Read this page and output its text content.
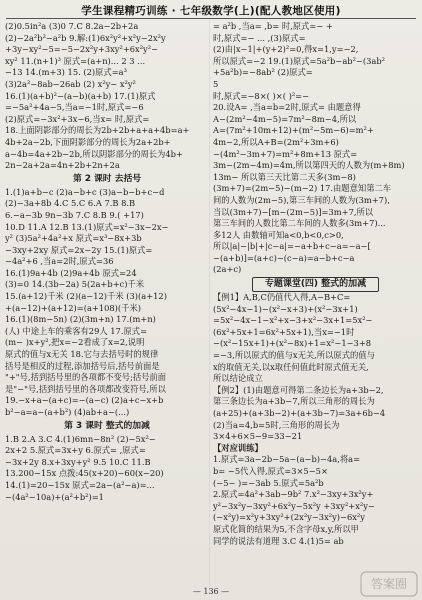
学生课程精巧训练 · 七年级数学(上)(配人教地区使用)
(2)0.5in²a (3)0 7.C 8.2a−2b+2a
(2)−2a²b²−a²b 9.解:(1)6x²y²+x²y−2x²y
+3y−xy²−5=−5−2x²y+3xy²+6x²y²−
xy² 11.(n+1)³ 原式=(a+n)... 2 3 ...
−13 14.(m+3) 15. (2)原式=a³
(3)2a²−8ab−26ab (2) x²y− x²y²
16.(1)(a+b)²−(a−b)(a+b) 17.(1)原式
=−5a²+4a−5,当a=−1时,原式=−6
(2)原式=−3x²+3x−6,当x= 时,原式=
18.上面阴影部分的周长为2b+2b+a+a+4b=a+
4b+2a−2b,下面阴影部分的周长为2a+2b+
a−4b=4a+2b−2b,所以阴影部分的周长为4b+
2n−2a+2a=4n+2b+2n+2a
第 2 课时 去括号
1.(1)a+b−c (2)a−b+c (3)a−b−b+c−d
(2)−3a+8b 4.C 5.C 6.A 7.B 8.B
6.−a−3b 9n−3b 7.C 8.B 9.( +17)
10.D 11.A 12.B 13.(1)原式=x²−3x−2x−
y² (3)5a²+4a²+x 原式=x³−8x+3b
−3xy+2xy 原式=2x−2y 15.(1)原式=
−4a²+6 ,当a=2时,原式=36
16.(1)9a+4b (2)9a+4b 原式=24
(3)=0 14.(3b−2a) 5(2a+b+c)千米
15.(a+12)千米 (2)(a−12)千米 (3)(a+12)
+(a−12)+(a+12)=(a+108)(千米)
16.(1)(8m−5n) (2)(3m+n) 17.(m+n)
(人) 中途上车的乘客有29人 17.原式=
(m− )x+y²,把x=−2看成了x=2,说明
原式的值与x无关 18.它与去括号时的规律
括号是相反的过程,添加括号后,括号前面是
"+"号,括到括号里的各项都不变号;括号前面
是"−"号,括到括号里的各项都改变符号,所以
19.−x+a−(a+c)=−(a−c) (2)a+c−x+b
b²−a=a−(a+b²) (4)ab+a−(...)
第 3 课时 整式的加减
1.B 2.A 3.C 4.(1)6mn−8n² (2)−5x²−
2x+2 5.原式=3x+y 6.原式= ,原式=
−3x+2y 8.x+3xy+y² 9.5 10.C 11.B
13.200−15x 点拨:45(x+20)−60(x−20)
14.(1)=20−15x 原式=2a−(a²−a)=...
−(4a²−10a)+(a²+b²)=1
= a²b ,当a= ,b= 时,原式=− +
时,原式=− ... ,(3)原式=
(2)由|x−1|+(y+2)²=0,得x=1,y=−2,
所以原式=−2 19.(1)原式=5a²b−ab²−(3ab²
+5a²b)=−8ab² (2)原式=
5
时,原式=−8×( )×( )²=−
20.设A= ,当a=b=2时,原式= 由题意得
A−(2m²−4m−5)=7m²−8m−4,所以
A=(7m²+10m+12)+(m²−5m−6)=m²+
4m−2,所以A+B=(2m²+3m+6)
−(4m²−3m+7)=m²+8m+13 原式=
3m−(2m−4m)=4m,所以第四天的人数为(m+8m)
13m− 所以第三天比第二天多(3m−8)
(3m+7)=(2m−5)−(m−2) 17.由题意知第二车
间的人数为(2m−5),第三车间的人数为(3m+7),
当以(3m+7)−[m−(2m−5)]=3m+7,所以
第三车间的人数比第二车间的人数多(3m+7)...
多12人 由数轴可知a<0,b<0,c>0,
所以|a|−|b|+|c−a|=−a+b+c−a=−a−[
−(a+b)]=(a+c)−(c−a)=a−b+c−a
(2a+c)
专题课堂(四) 整式的加减
【例1】A,B,C仍值代入得,A−B+C=
(5x²−4x−1)−(x²−x+3)+(x²−3x+1)
=5x²−4x−1−x²+x−3+x²−3x+1=5x²−
(6x²+5x+1=6x²+5x+1),当x=−1时
−(x²−15x+1)+(x²−8x)+1=x²−1−3+8
=−3,所以原式的值与x无关,所以原式的值与
x的取值无关,以x取任何值此时原式值无关,
所以结论成立
【例2】(1)由题意可得第二条边长为a+3b−2,
第三条边长为a+3b−7,所以三角形的周长为
(a+25)+(a+3b−2)+(a+3b−7)=3a+6b−4
(2)当a=4,b=5时,三角形的周长为
3×4+6×5−9=33−21
【对应训练】
1.原式=3a−2b−5a−(a−b)−4a,将a=
b= −5代入得,原式=3×5−5×
(−5− )=−3ab 5.原式=5a²b
2.原式=4a²+3ab−9b² 7.x²−3xy+3x²y+
y²−3x²y−3xy²+6x²y−5x²y +3xy²+x²y−
(−x²y)=x²y+3xy²+(2x²y−3x²y)−6x²y
原式化简的结果为5,不含字母x,y,所以甲
同学的说法有道理 3.C 4.(1)5= ab
— 136 —
答案圈
